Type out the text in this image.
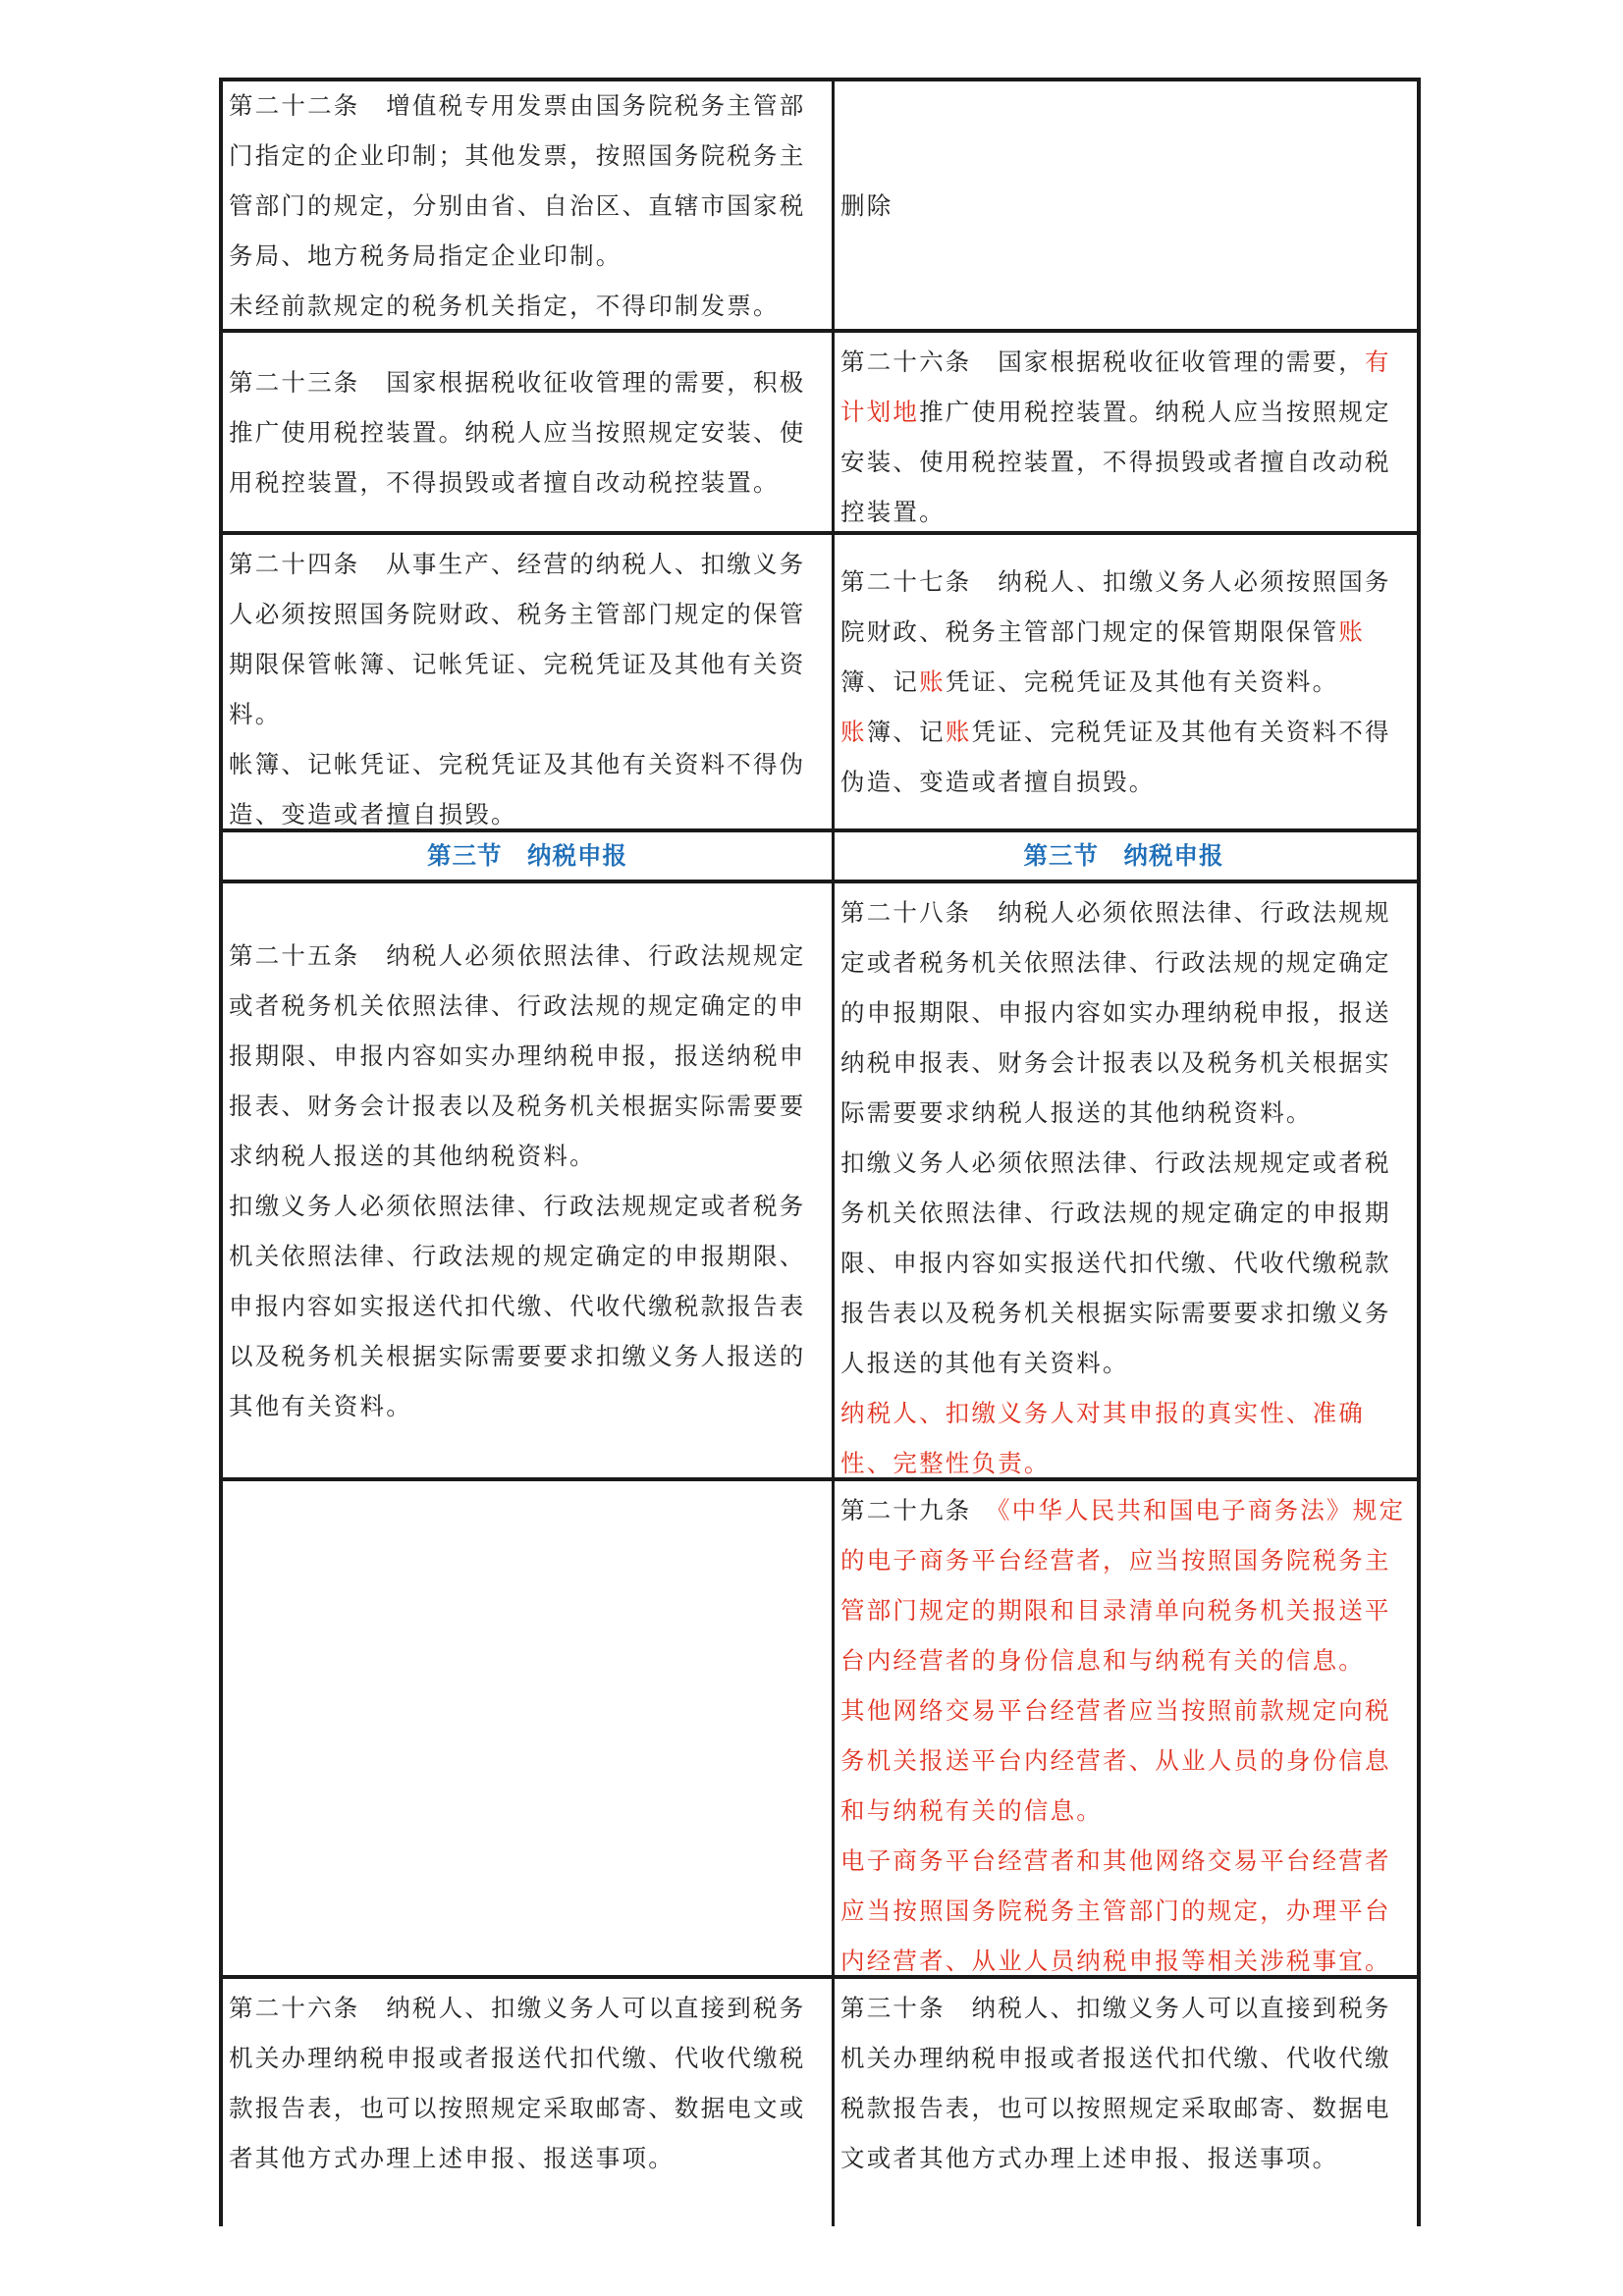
第二十二条　增值税专用发票由国务院税务主管部门指定的企业印制；其他发票，按照国务院税务主管部门的规定，分别由省、自治区、直辖市国家税务局、地方税务局指定企业印制。

未经前款规定的税务机关指定，不得印制发票。

删除

第二十三条　国家根据税收征收管理的需要，积极推广使用税控装置。纳税人应当按照规定安装、使用税控装置，不得损毁或者擅自改动税控装置。

第二十六条　国家根据税收征收管理的需要，有计划地推广使用税控装置。纳税人应当按照规定安装、使用税控装置，不得损毁或者擅自改动税控装置。

第二十四条　从事生产、经营的纳税人、扣缴义务人必须按照国务院财政、税务主管部门规定的保管期限保管帐簿、记帐凭证、完税凭证及其他有关资料。

帐簿、记帐凭证、完税凭证及其他有关资料不得伪造、变造或者擅自损毁。

第二十七条　纳税人、扣缴义务人必须按照国务院财政、税务主管部门规定的保管期限保管账簿、记账凭证、完税凭证及其他有关资料。

账簿、记账凭证、完税凭证及其他有关资料不得伪造、变造或者擅自损毁。

第三节　纳税申报	第三节　纳税申报

第二十五条　纳税人必须依照法律、行政法规规定或者税务机关依照法律、行政法规的规定确定的申报期限、申报内容如实办理纳税申报，报送纳税申报表、财务会计报表以及税务机关根据实际需要要求纳税人报送的其他纳税资料。

扣缴义务人必须依照法律、行政法规规定或者税务机关依照法律、行政法规的规定确定的申报期限、申报内容如实报送代扣代缴、代收代缴税款报告表以及税务机关根据实际需要要求扣缴义务人报送的其他有关资料。

第二十八条　纳税人必须依照法律、行政法规规定或者税务机关依照法律、行政法规的规定确定的申报期限、申报内容如实办理纳税申报，报送纳税申报表、财务会计报表以及税务机关根据实际需要要求纳税人报送的其他纳税资料。

扣缴义务人必须依照法律、行政法规规定或者税务机关依照法律、行政法规的规定确定的申报期限、申报内容如实报送代扣代缴、代收代缴税款报告表以及税务机关根据实际需要要求扣缴义务人报送的其他有关资料。

纳税人、扣缴义务人对其申报的真实性、准确性、完整性负责。

第二十九条　《中华人民共和国电子商务法》规定的电子商务平台经营者，应当按照国务院税务主管部门规定的期限和目录清单向税务机关报送平台内经营者的身份信息和与纳税有关的信息。

其他网络交易平台经营者应当按照前款规定向税务机关报送平台内经营者、从业人员的身份信息和与纳税有关的信息。

电子商务平台经营者和其他网络交易平台经营者应当按照国务院税务主管部门的规定，办理平台内经营者、从业人员纳税申报等相关涉税事宜。

第二十六条　纳税人、扣缴义务人可以直接到税务机关办理纳税申报或者报送代扣代缴、代收代缴税款报告表，也可以按照规定采取邮寄、数据电文或者其他方式办理上述申报、报送事项。

第三十条　纳税人、扣缴义务人可以直接到税务机关办理纳税申报或者报送代扣代缴、代收代缴税款报告表，也可以按照规定采取邮寄、数据电文或者其他方式办理上述申报、报送事项。
